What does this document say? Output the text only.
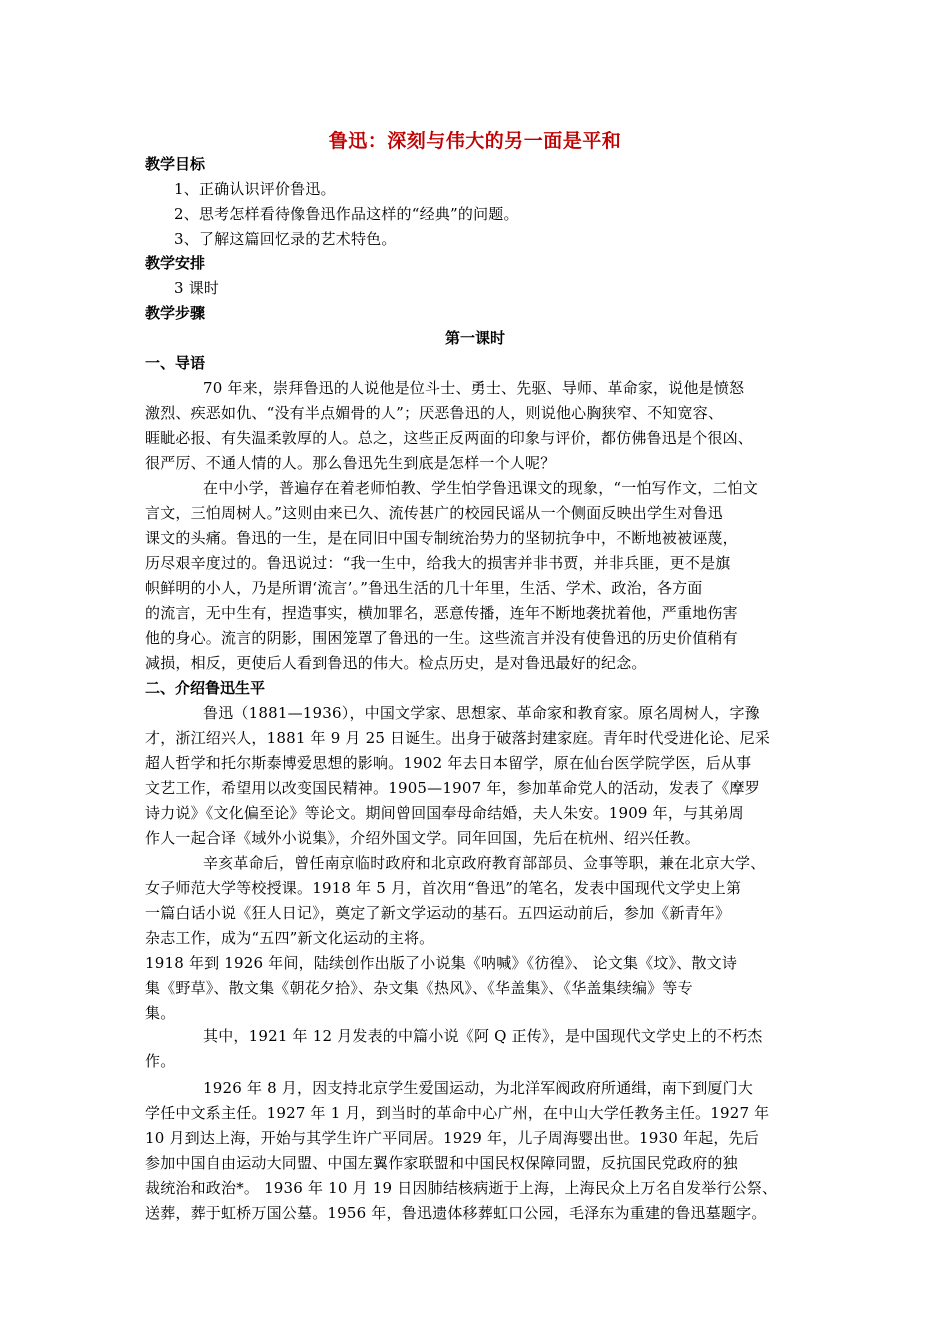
鲁迅：深刻与伟大的另一面是平和
教学目标
1、正确认识评价鲁迅。
2、思考怎样看待像鲁迅作品这样的“经典”的问题。
3、了解这篇回忆录的艺术特色。
教学安排
3 课时
教学步骤
第一课时
一、导语
70 年来，崇拜鲁迅的人说他是位斗士、勇士、先驱、导师、革命家，说他是愤怒
激烈、疾恶如仇、“没有半点媚骨的人”；厌恶鲁迅的人，则说他心胸狭窄、不知宽容、
睚眦必报、有失温柔敦厚的人。总之，这些正反两面的印象与评价，都仿佛鲁迅是个很凶、
很严厉、不通人情的人。那么鲁迅先生到底是怎样一个人呢？
在中小学，普遍存在着老师怕教、学生怕学鲁迅课文的现象，“一怕写作文，二怕文
言文，三怕周树人。”这则由来已久、流传甚广的校园民谣从一个侧面反映出学生对鲁迅
课文的头痛。鲁迅的一生，是在同旧中国专制统治势力的坚韧抗争中，不断地被被诬蔑，
历尽艰辛度过的。鲁迅说过：“我一生中，给我大的损害并非书贾，并非兵匪，更不是旗
帜鲜明的小人，乃是所谓‘流言’。”鲁迅生活的几十年里，生活、学术、政治，各方面
的流言，无中生有，捏造事实，横加罪名，恶意传播，连年不断地袭扰着他，严重地伤害
他的身心。流言的阴影，围困笼罩了鲁迅的一生。这些流言并没有使鲁迅的历史价值稍有
减损，相反，更使后人看到鲁迅的伟大。检点历史，是对鲁迅最好的纪念。
二、介绍鲁迅生平
鲁迅（1881—1936），中国文学家、思想家、革命家和教育家。原名周树人，字豫
才，浙江绍兴人，1881 年 9 月 25 日诞生。出身于破落封建家庭。青年时代受进化论、尼采
超人哲学和托尔斯泰博爱思想的影响。1902 年去日本留学，原在仙台医学院学医，后从事
文艺工作，希望用以改变国民精神。1905—1907 年，参加革命党人的活动，发表了《摩罗
诗力说》《文化偏至论》等论文。期间曾回国奉母命结婚，夫人朱安。1909 年，与其弟周
作人一起合译《域外小说集》，介绍外国文学。同年回国，先后在杭州、绍兴任教。
辛亥革命后，曾任南京临时政府和北京政府教育部部员、佥事等职，兼在北京大学、
女子师范大学等校授课。1918 年 5 月，首次用“鲁迅”的笔名，发表中国现代文学史上第
一篇白话小说《狂人日记》，奠定了新文学运动的基石。五四运动前后，参加《新青年》
杂志工作，成为“五四”新文化运动的主将。
1918 年到 1926 年间，陆续创作出版了小说集《呐喊》《彷徨》、 论文集《坟》、散文诗
集《野草》、散文集《朝花夕拾》、杂文集《热风》、《华盖集》、《华盖集续编》等专
集。
其中，1921 年 12 月发表的中篇小说《阿 Q 正传》，是中国现代文学史上的不朽杰
作。
1926 年 8 月，因支持北京学生爱国运动，为北洋军阀政府所通缉，南下到厦门大
学任中文系主任。1927 年 1 月，到当时的革命中心广州，在中山大学任教务主任。1927 年
10 月到达上海，开始与其学生许广平同居。1929 年，儿子周海婴出世。1930 年起，先后
参加中国自由运动大同盟、中国左翼作家联盟和中国民权保障同盟，反抗国民党政府的独
裁统治和政治*。 1936 年 10 月 19 日因肺结核病逝于上海，上海民众上万名自发举行公祭、
送葬，葬于虹桥万国公墓。1956 年，鲁迅遗体移葬虹口公园，毛泽东为重建的鲁迅墓题字。
